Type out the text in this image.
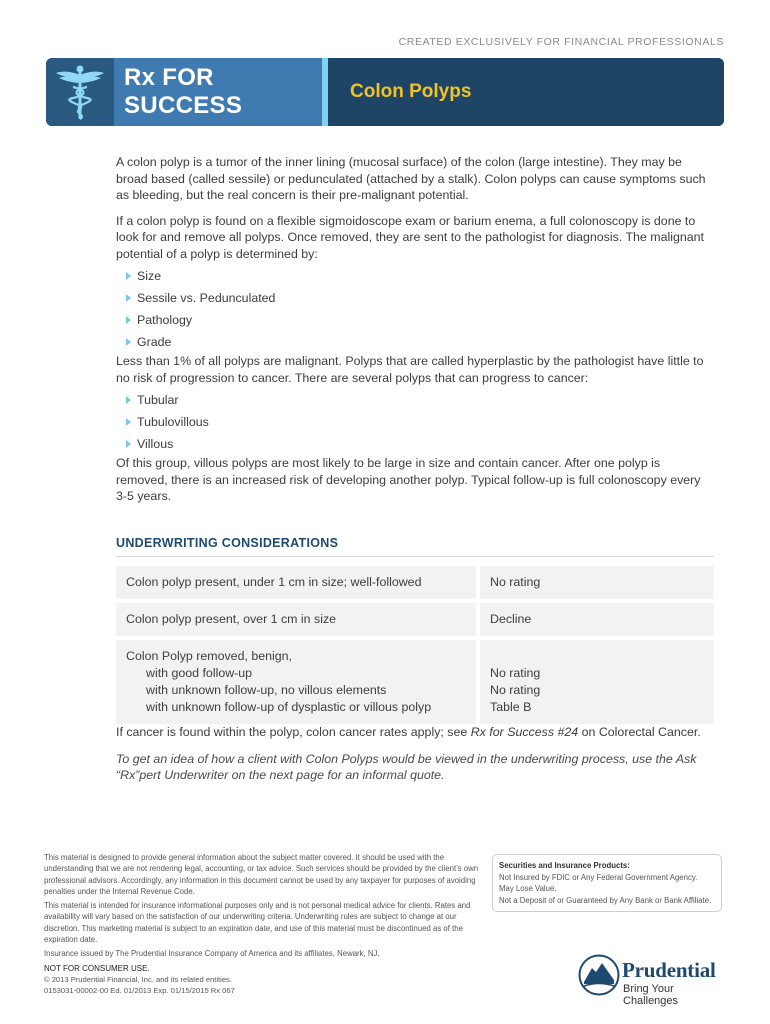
CREATED EXCLUSIVELY FOR FINANCIAL PROFESSIONALS
Rx FOR SUCCESS
Colon Polyps

A colon polyp is a tumor of the inner lining (mucosal surface) of the colon (large intestine). They may be broad based (called sessile) or pedunculated (attached by a stalk). Colon polyps can cause symptoms such as bleeding, but the real concern is their pre-malignant potential.

If a colon polyp is found on a flexible sigmoidoscope exam or barium enema, a full colonoscopy is done to look for and remove all polyps. Once removed, they are sent to the pathologist for diagnosis. The malignant potential of a polyp is determined by:

Size
Sessile vs. Pedunculated
Pathology
Grade

Less than 1% of all polyps are malignant. Polyps that are called hyperplastic by the pathologist have little to no risk of progression to cancer. There are several polyps that can progress to cancer:

Tubular
Tubulovillous
Villous

Of this group, villous polyps are most likely to be large in size and contain cancer. After one polyp is removed, there is an increased risk of developing another polyp. Typical follow-up is full colonoscopy every 3-5 years.

UNDERWRITING CONSIDERATIONS
Colon polyp present, under 1 cm in size; well-followed	No rating
Colon polyp present, over 1 cm in size	Decline
Colon Polyp removed, benign,
with good follow-up
with unknown follow-up, no villous elements
with unknown follow-up of dysplastic or villous polyp

No rating
No rating
Table B

If cancer is found within the polyp, colon cancer rates apply; see Rx for Success #24 on Colorectal Cancer.

To get an idea of how a client with Colon Polyps would be viewed in the underwriting process, use the Ask “Rx”pert Underwriter on the next page for an informal quote.

This material is designed to provide general information about the subject matter covered. It should be used with the understanding that we are not rendering legal, accounting, or tax advice. Such services should be provided by the client’s own professional advisors. Accordingly, any information in this document cannot be used by any taxpayer for purposes of avoiding penalties under the Internal Revenue Code.

This material is intended for insurance informational purposes only and is not personal medical advice for clients. Rates and availability will vary based on the satisfaction of our underwriting criteria. Underwriting rules are subject to change at our discretion. This marketing material is subject to an expiration date, and use of this material must be discontinued as of the expiration date.

Insurance issued by The Prudential Insurance Company of America and its affiliates, Newark, NJ.

NOT FOR CONSUMER USE.
© 2013 Prudential Financial, Inc. and its related entities.
0153031-00002-00 Ed. 01/2013 Exp. 01/15/2015 Rx 067
Securities and Insurance Products:
Not Insured by FDIC or Any Federal Government Agency.
May Lose Value.
Not a Deposit of or Guaranteed by Any Bank or Bank Affiliate.
Prudential
Bring Your Challenges
